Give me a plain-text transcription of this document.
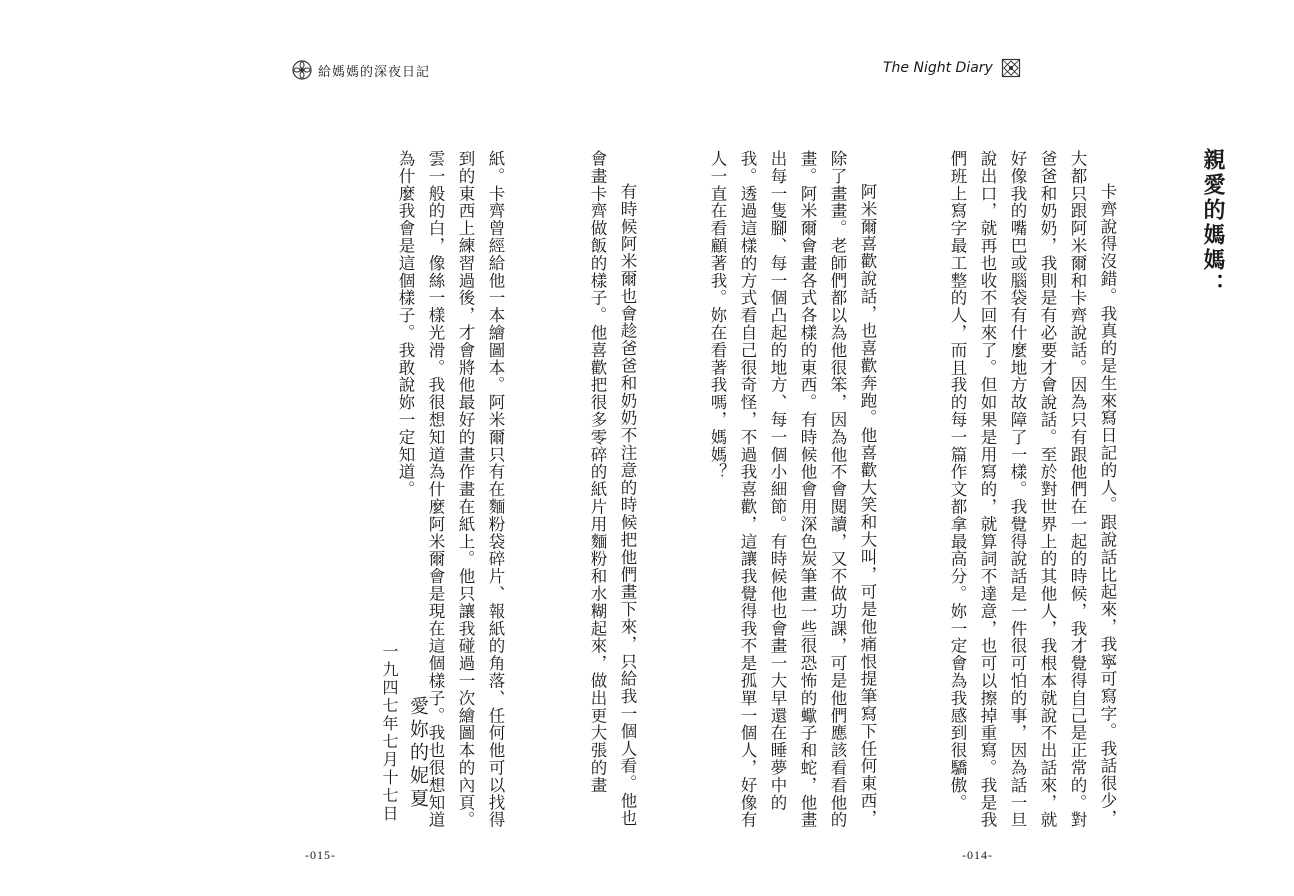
給媽媽的深夜日記

紙。卡齊曾經給他一本繪圖本。阿米爾只有在麵粉袋碎片、報紙的角落、任何他可以找得到的東西上練習過後，才會將他最好的畫作畫在紙上。他只讓我碰過一次繪圖本的內頁。雲一般的白，像絲一樣光滑。我很想知道為什麼阿米爾會是現在這個樣子。我也很想知道為什麼我會是這個樣子。我敢說妳一定知道。

愛妳的妮夏
一九四七年七月十七日
-015-
The Night Diary
親愛的媽媽：

卡齊說得沒錯。我真的是生來寫日記的人。跟說話比起來，我寧可寫字。我話很少，大都只跟阿米爾和卡齊說話。因為只有跟他們在一起的時候，我才覺得自己是正常的。對爸爸和奶奶，我則是有必要才會說話。至於對世界上的其他人，我根本就說不出話來，就好像我的嘴巴或腦袋有什麼地方故障了一樣。我覺得說話是一件很可怕的事，因為話一旦說出口，就再也收不回來了。但如果是用寫的，就算詞不達意，也可以擦掉重寫。我是我們班上寫字最工整的人，而且我的每一篇作文都拿最高分。妳一定會為我感到很驕傲。

阿米爾喜歡說話，也喜歡奔跑。他喜歡大笑和大叫，可是他痛恨提筆寫下任何東西，除了畫畫。老師們都以為他很笨，因為他不會閱讀，又不做功課，可是他們應該看看他的畫。阿米爾會畫各式各樣的東西。有時候他會用深色炭筆畫一些很恐怖的蠍子和蛇，他畫出每一隻腳、每一個凸起的地方、每一個小細節。有時候他也會畫一大早還在睡夢中的我。透過這樣的方式看自己很奇怪，不過我喜歡，這讓我覺得我不是孤單一個人，好像有人一直在看顧著我。妳在看著我嗎，媽媽？

有時候阿米爾也會趁爸爸和奶奶不注意的時候把他們畫下來，只給我一個人看。他也會畫卡齊做飯的樣子。他喜歡把很多零碎的紙片用麵粉和水糊起來，做出更大張的畫

-014-
